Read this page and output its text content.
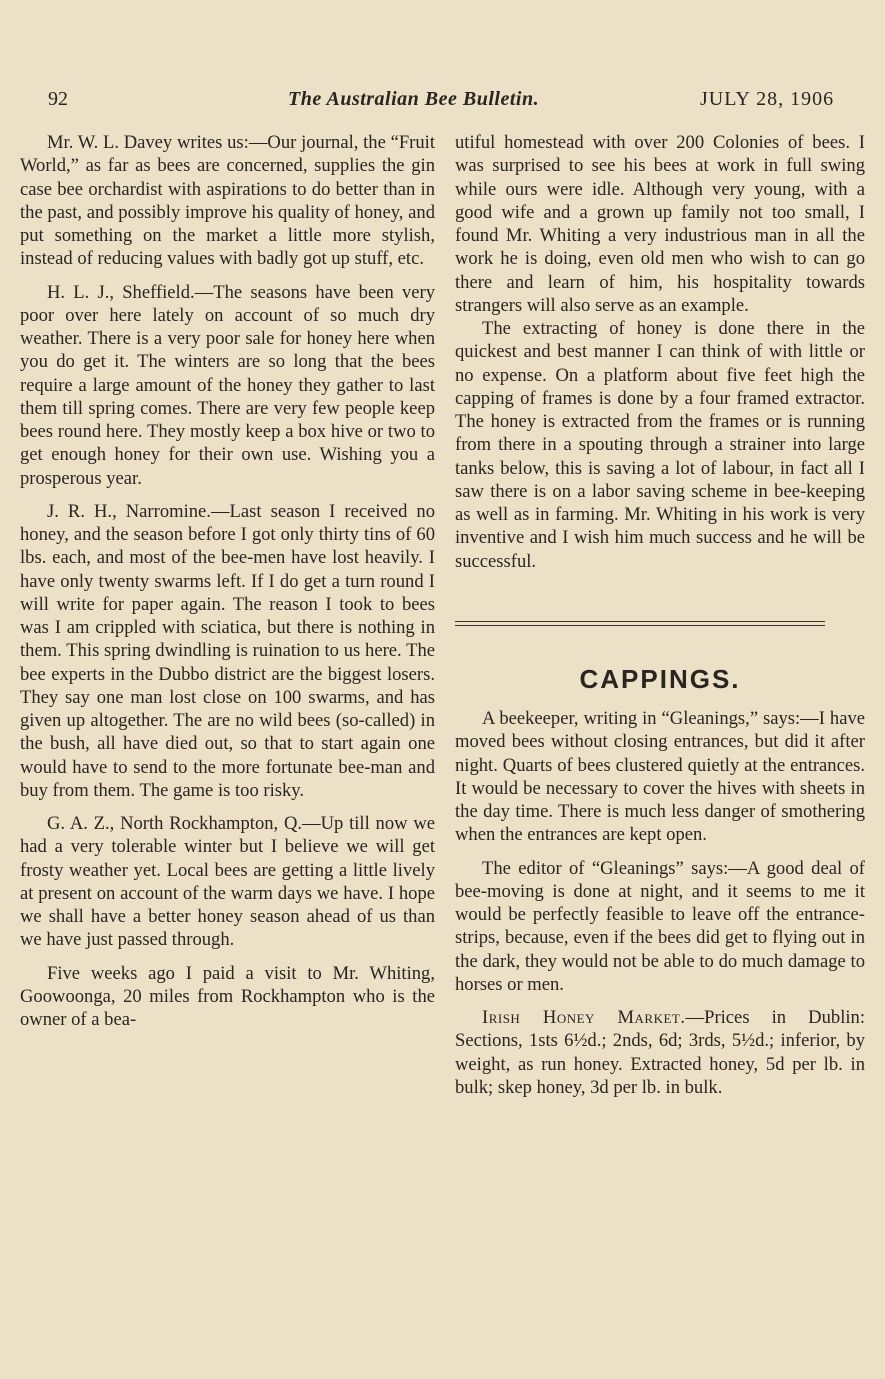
92	The Australian Bee Bulletin.	JULY 28, 1906

Mr. W. L. Davey writes us:—Our journal, the “Fruit World,” as far as bees are concerned, supplies the gin case bee orchardist with aspirations to do better than in the past, and possibly improve his quality of honey, and put something on the market a little more stylish, instead of reducing values with badly got up stuff, etc.

H. L. J., Sheffield.—The seasons have been very poor over here lately on account of so much dry weather. There is a very poor sale for honey here when you do get it. The winters are so long that the bees require a large amount of the honey they gather to last them till spring comes. There are very few people keep bees round here. They mostly keep a box hive or two to get enough honey for their own use. Wishing you a prosperous year.

J. R. H., Narromine.—Last season I received no honey, and the season before I got only thirty tins of 60 lbs. each, and most of the bee-men have lost heavily. I have only twenty swarms left. If I do get a turn round I will write for paper again. The reason I took to bees was I am crippled with sciatica, but there is nothing in them. This spring dwindling is ruination to us here. The bee experts in the Dubbo district are the biggest losers. They say one man lost close on 100 swarms, and has given up altogether. The are no wild bees (so-called) in the bush, all have died out, so that to start again one would have to send to the more fortunate bee-man and buy from them. The game is too risky.

G. A. Z., North Rockhampton, Q.—Up till now we had a very tolerable winter but I believe we will get frosty weather yet. Local bees are getting a little lively at present on account of the warm days we have. I hope we shall have a better honey season ahead of us than we have just passed through.

Five weeks ago I paid a visit to Mr. Whiting, Goowoonga, 20 miles from Rockhampton who is the owner of a bea-

utiful homestead with over 200 Colonies of bees. I was surprised to see his bees at work in full swing while ours were idle. Although very young, with a good wife and a grown up family not too small, I found Mr. Whiting a very industrious man in all the work he is doing, even old men who wish to can go there and learn of him, his hospitality towards strangers will also serve as an example.

The extracting of honey is done there in the quickest and best manner I can think of with little or no expense. On a platform about five feet high the capping of frames is done by a four framed extractor. The honey is extracted from the frames or is running from there in a spouting through a strainer into large tanks below, this is saving a lot of labour, in fact all I saw there is on a labor saving scheme in bee-keeping as well as in farming. Mr. Whiting in his work is very inventive and I wish him much success and he will be successful.

CAPPINGS.

A beekeeper, writing in “Gleanings,” says:—I have moved bees without closing entrances, but did it after night. Quarts of bees clustered quietly at the entrances. It would be necessary to cover the hives with sheets in the day time. There is much less danger of smothering when the entrances are kept open.

The editor of “Gleanings” says:—A good deal of bee-moving is done at night, and it seems to me it would be perfectly feasible to leave off the entrance-strips, because, even if the bees did get to flying out in the dark, they would not be able to do much damage to horses or men.

Irish Honey Market.—Prices in Dublin: Sections, 1sts 6½d.; 2nds, 6d; 3rds, 5½d.; inferior, by weight, as run honey. Extracted honey, 5d per lb. in bulk; skep honey, 3d per lb. in bulk.
